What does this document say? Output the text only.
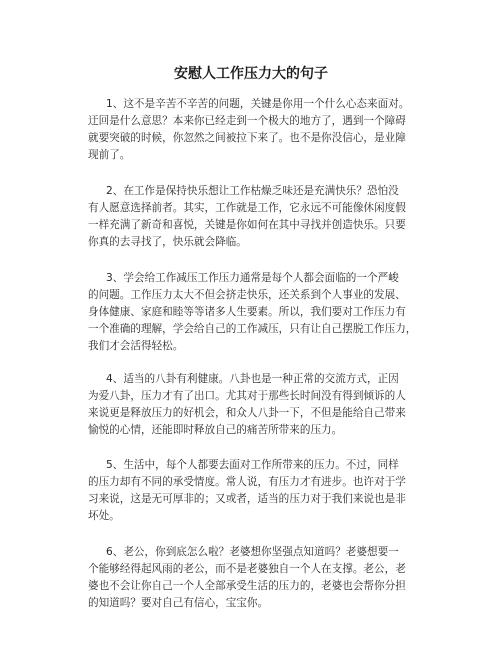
安慰人工作压力大的句子
1、这不是辛苦不辛苦的问题，关键是你用一个什么心态来面对。
迂回是什么意思？本来你已经走到一个极大的地方了，遇到一个障碍
就要突破的时候，你忽然之间被拉下来了。也不是你没信心，是业障
现前了。
2、在工作是保持快乐想让工作枯燥乏味还是充满快乐？恐怕没
有人愿意选择前者。其实，工作就是工作，它永远不可能像休闲度假
一样充满了新奇和喜悦，关键是你如何在其中寻找并创造快乐。只要
你真的去寻找了，快乐就会降临。
3、学会给工作减压工作压力通常是每个人都会面临的一个严峻
的问题。工作压力太大不但会挤走快乐，还关系到个人事业的发展、
身体健康、家庭和睦等等诸多人生要素。所以，我们要对工作压力有
一个准确的理解，学会给自己的工作减压，只有让自己摆脱工作压力，
我们才会活得轻松。
4、适当的八卦有利健康。八卦也是一种正常的交流方式，正因
为爱八卦，压力才有了出口。尤其对于那些长时间没有得到倾诉的人
来说更是释放压力的好机会，和众人八卦一下，不但是能给自己带来
愉悦的心情，还能即时释放自己的痛苦所带来的压力。
5、生活中，每个人都要去面对工作所带来的压力。不过，同样
的压力却有不同的承受情度。常人说，有压力才有进步。也许对于学
习来说，这是无可厚非的；又或者，适当的压力对于我们来说也是非
坏处。
6、老公，你到底怎么啦？老婆想你坚强点知道吗？老婆想要一
个能够经得起风雨的老公，而不是老婆独自一个人在支撑。老公，老
婆也不会让你自己一个人全部承受生活的压力的，老婆也会帮你分担
的知道吗？要对自己有信心，宝宝你。
